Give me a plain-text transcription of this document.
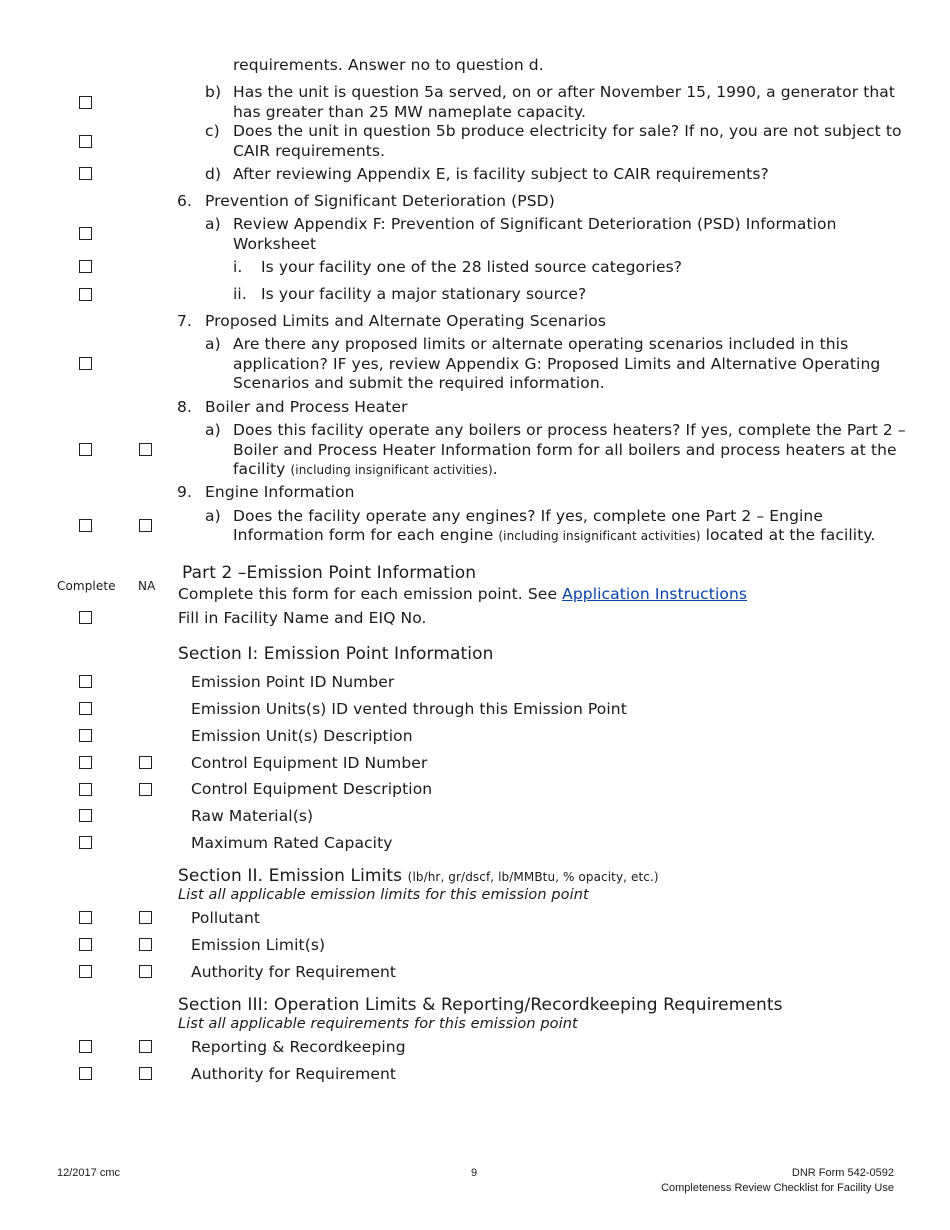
requirements. Answer no to question d.
b) Has the unit is question 5a served, on or after November 15, 1990, a generator that
has greater than 25 MW nameplate capacity.
c) Does the unit in question 5b produce electricity for sale? If no, you are not subject to
CAIR requirements.
d) After reviewing Appendix E, is facility subject to CAIR requirements?
6. Prevention of Significant Deterioration (PSD)
a) Review Appendix F: Prevention of Significant Deterioration (PSD) Information
Worksheet
i. Is your facility one of the 28 listed source categories?
ii. Is your facility a major stationary source?
7. Proposed Limits and Alternate Operating Scenarios
a) Are there any proposed limits or alternate operating scenarios included in this
application? IF yes, review Appendix G: Proposed Limits and Alternative Operating
Scenarios and submit the required information.
8. Boiler and Process Heater
a) Does this facility operate any boilers or process heaters? If yes, complete the Part 2 –
Boiler and Process Heater Information form for all boilers and process heaters at the
facility (including insignificant activities).
9. Engine Information
a) Does the facility operate any engines? If yes, complete one Part 2 – Engine
Information form for each engine (including insignificant activities) located at the facility.
Complete NA
Part 2 –Emission Point Information
Complete this form for each emission point. See Application Instructions
Fill in Facility Name and EIQ No.
Section I: Emission Point Information
Emission Point ID Number
Emission Units(s) ID vented through this Emission Point
Emission Unit(s) Description
Control Equipment ID Number
Control Equipment Description
Raw Material(s)
Maximum Rated Capacity
Section II. Emission Limits (lb/hr, gr/dscf, lb/MMBtu, % opacity, etc.)
List all applicable emission limits for this emission point
Pollutant
Emission Limit(s)
Authority for Requirement
Section III: Operation Limits & Reporting/Recordkeeping Requirements
List all applicable requirements for this emission point
Reporting & Recordkeeping
Authority for Requirement
12/2017 cmc	9	DNR Form 542-0592
Completeness Review Checklist for Facility Use
